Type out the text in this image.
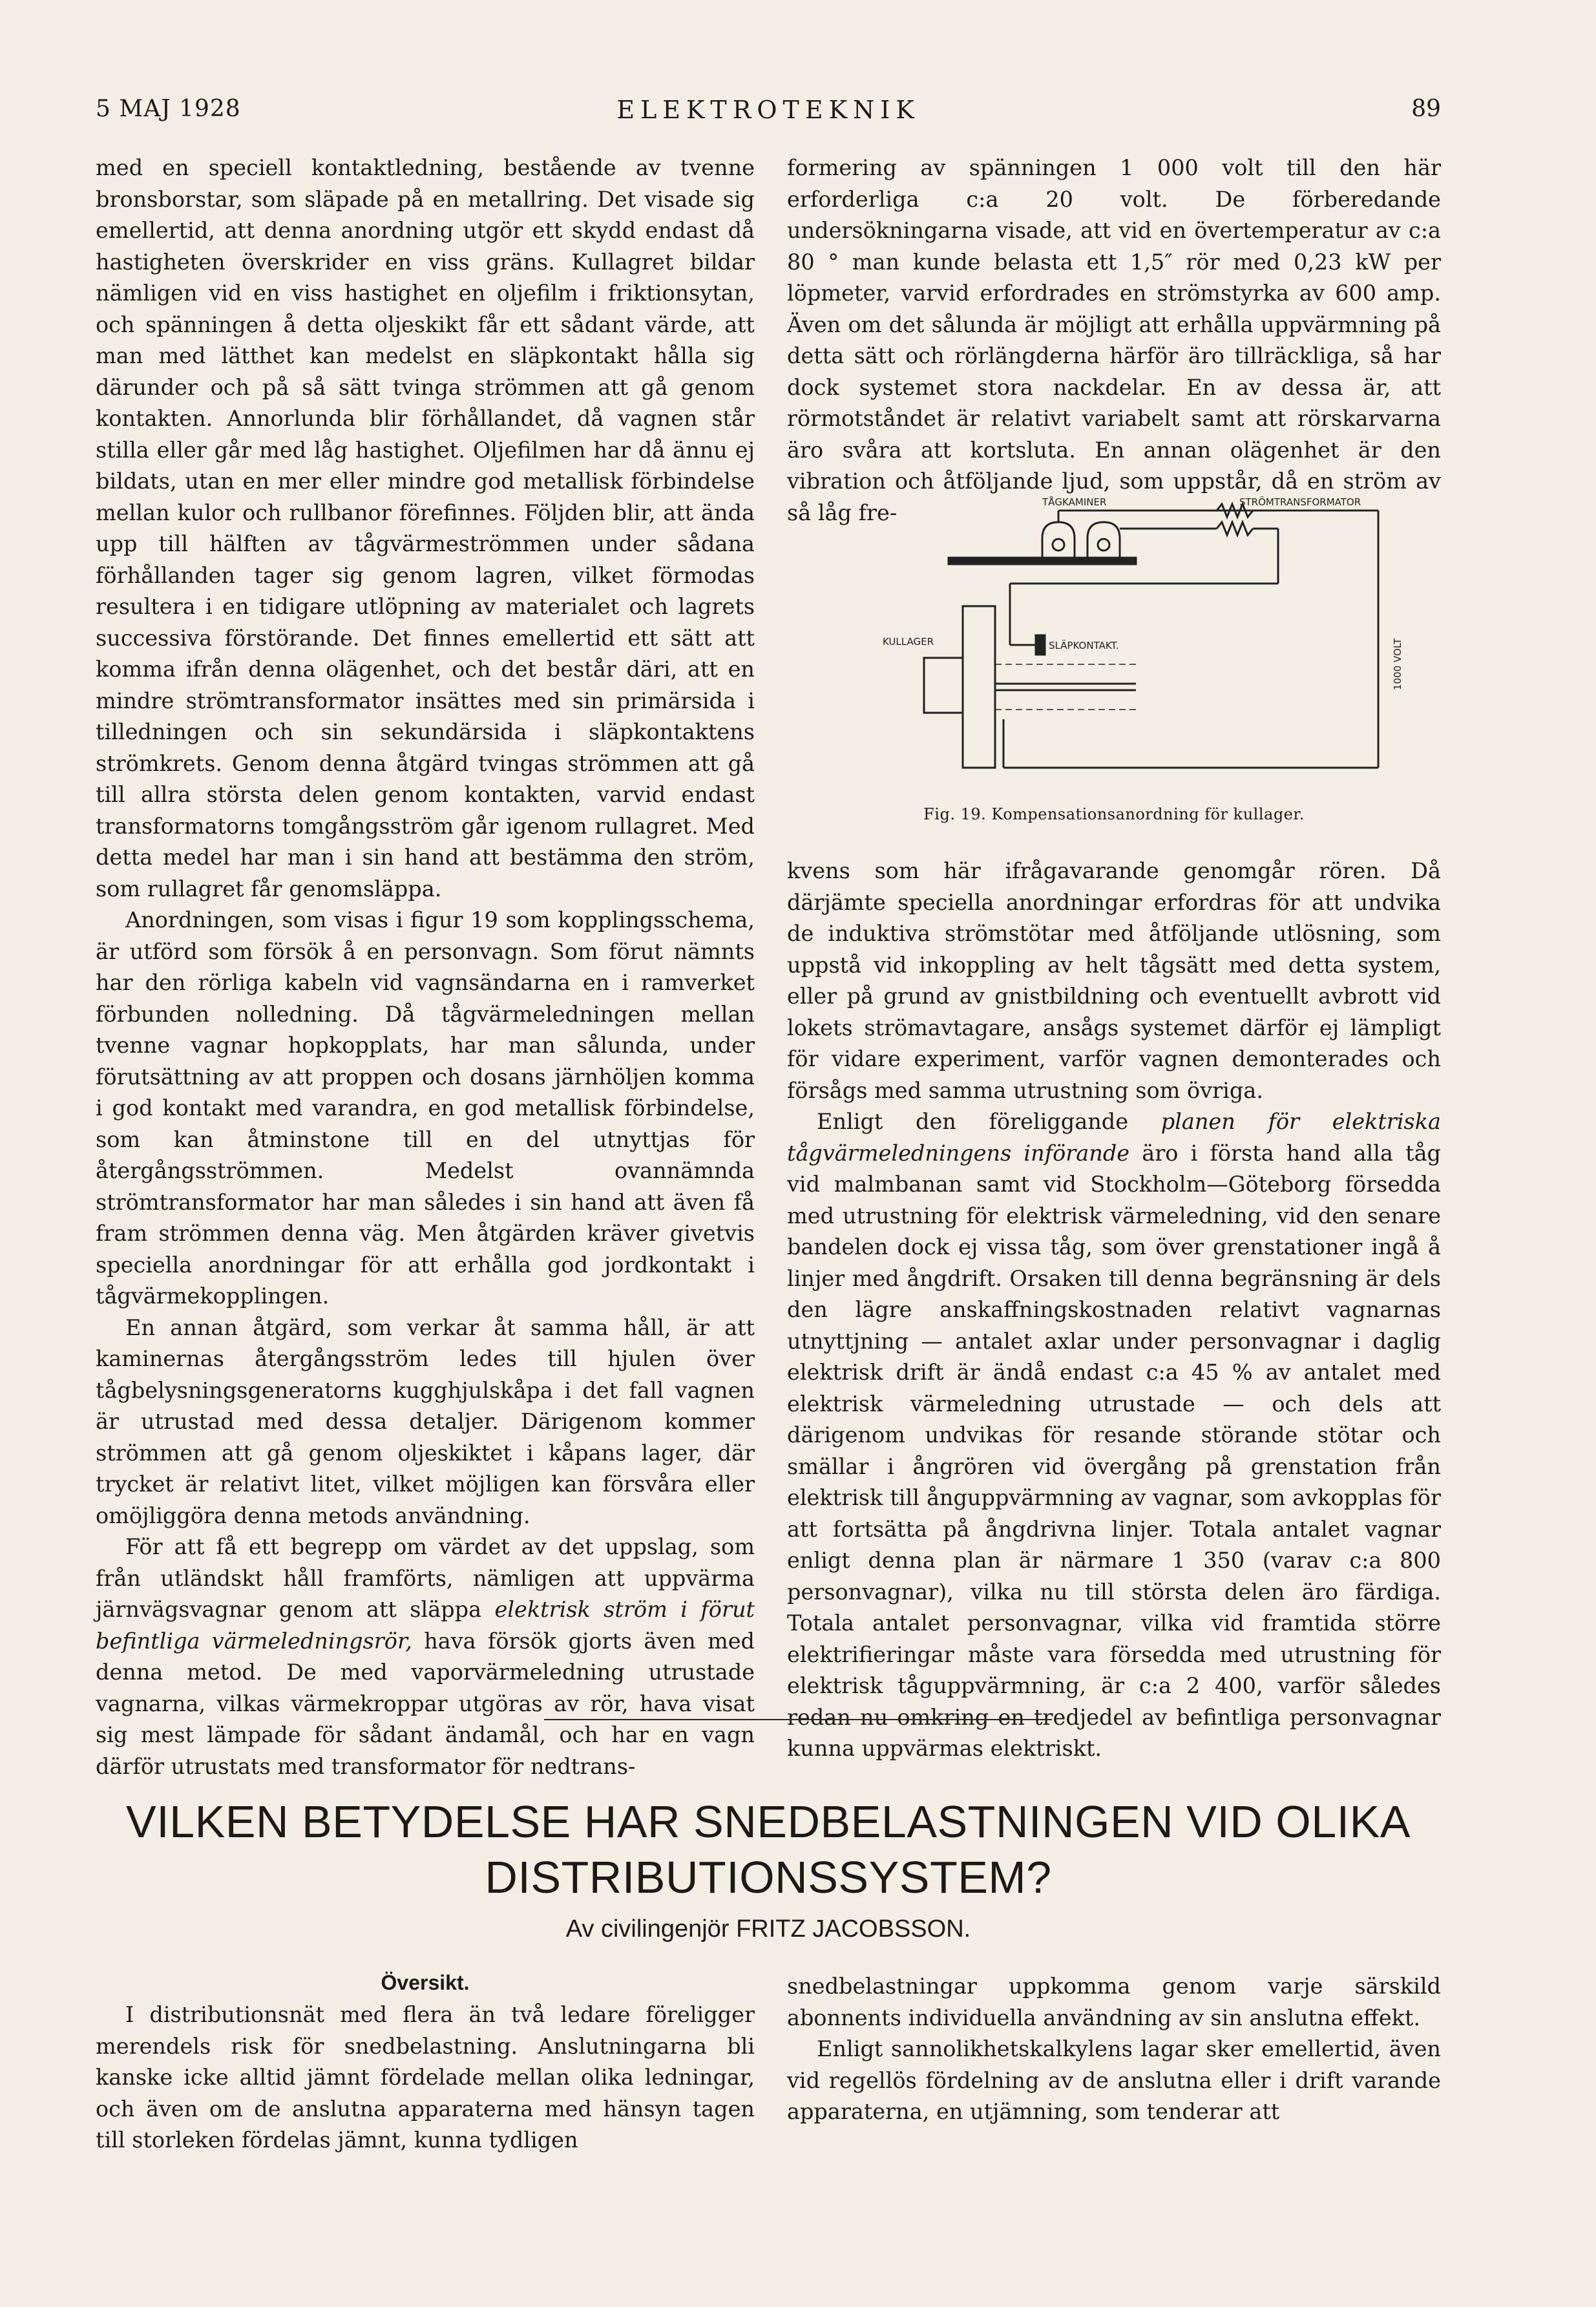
5 MAJ 1928	ELEKTROTEKNIK	89

med en speciell kontaktledning, bestående av tvenne bronsborstar, som släpade på en metallring. Det visade sig emellertid, att denna anordning utgör ett skydd endast då hastigheten överskrider en viss gräns. Kullagret bildar nämligen vid en viss hastighet en oljefilm i friktionsytan, och spänningen å detta oljeskikt får ett sådant värde, att man med lätthet kan medelst en släpkontakt hålla sig därunder och på så sätt tvinga strömmen att gå genom kontakten. Annorlunda blir förhållandet, då vagnen står stilla eller går med låg hastighet. Oljefilmen har då ännu ej bildats, utan en mer eller mindre god metallisk förbindelse mellan kulor och rullbanor förefinnes. Följden blir, att ända upp till hälften av tågvärmeströmmen under sådana förhållanden tager sig genom lagren, vilket förmodas resultera i en tidigare utlöpning av materialet och lagrets successiva förstörande. Det finnes emellertid ett sätt att komma ifrån denna olägenhet, och det består däri, att en mindre strömtransformator insättes med sin primärsida i tilledningen och sin sekundärsida i släpkontaktens strömkrets. Genom denna åtgärd tvingas strömmen att gå till allra största delen genom kontakten, varvid endast transformatorns tomgångsström går igenom rullagret. Med detta medel har man i sin hand att bestämma den ström, som rullagret får genomsläppa.

Anordningen, som visas i figur 19 som kopplingsschema, är utförd som försök å en personvagn. Som förut nämnts har den rörliga kabeln vid vagnsändarna en i ramverket förbunden nolledning. Då tågvärmeledningen mellan tvenne vagnar hopkopplats, har man sålunda, under förutsättning av att proppen och dosans järnhöljen komma i god kontakt med varandra, en god metallisk förbindelse, som kan åtminstone till en del utnyttjas för återgångsströmmen. Medelst ovannämnda strömtransformator har man således i sin hand att även få fram strömmen denna väg. Men åtgärden kräver givetvis speciella anordningar för att erhålla god jordkontakt i tågvärmekopplingen.

En annan åtgärd, som verkar åt samma håll, är att kaminernas återgångsström ledes till hjulen över tågbelysningsgeneratorns kugghjulskåpa i det fall vagnen är utrustad med dessa detaljer. Därigenom kommer strömmen att gå genom oljeskiktet i kåpans lager, där trycket är relativt litet, vilket möjligen kan försvåra eller omöjliggöra denna metods användning.

För att få ett begrepp om värdet av det uppslag, som från utländskt håll framförts, nämligen att uppvärma järnvägsvagnar genom att släppa elektrisk ström i förut befintliga värmeledningsrör, hava försök gjorts även med denna metod. De med vaporvärmeledning utrustade vagnarna, vilkas värmekroppar utgöras av rör, hava visat sig mest lämpade för sådant ändamål, och har en vagn därför utrustats med transformator för nedtrans-

formering av spänningen 1 000 volt till den här erforderliga c:a 20 volt. De förberedande undersökningarna visade, att vid en övertemperatur av c:a 80 ° man kunde belasta ett 1,5″ rör med 0,23 kW per löpmeter, varvid erfordrades en strömstyrka av 600 amp. Även om det sålunda är möjligt att erhålla uppvärmning på detta sätt och rörlängderna härför äro tillräckliga, så har dock systemet stora nackdelar. En av dessa är, att rörmotståndet är relativt variabelt samt att rörskarvarna äro svåra att kortsluta. En annan olägenhet är den vibration och åtföljande ljud, som uppstår, då en ström av så låg fre-	TÅGKAMINER	STRÖMTRANSFORMATOR
KULLAGER	SLÄPKONTAKT.	1000 VOLT
Fig. 19. Kompensationsanordning för kullager.

kvens som här ifrågavarande genomgår rören. Då därjämte speciella anordningar erfordras för att undvika de induktiva strömstötar med åtföljande utlösning, som uppstå vid inkoppling av helt tågsätt med detta system, eller på grund av gnistbildning och eventuellt avbrott vid lokets strömavtagare, ansågs systemet därför ej lämpligt för vidare experiment, varför vagnen demonterades och försågs med samma utrustning som övriga.

Enligt den föreliggande planen för elektriska tågvärmeledningens införande äro i första hand alla tåg vid malmbanan samt vid Stockholm—Göteborg försedda med utrustning för elektrisk värmeledning, vid den senare bandelen dock ej vissa tåg, som över grenstationer ingå å linjer med ångdrift. Orsaken till denna begränsning är dels den lägre anskaffningskostnaden relativt vagnarnas utnyttjning — antalet axlar under personvagnar i daglig elektrisk drift är ändå endast c:a 45 % av antalet med elektrisk värmeledning utrustade — och dels att därigenom undvikas för resande störande stötar och smällar i ångrören vid övergång på grenstation från elektrisk till ånguppvärmning av vagnar, som avkopplas för att fortsätta på ångdrivna linjer. Totala antalet vagnar enligt denna plan är närmare 1 350 (varav c:a 800 personvagnar), vilka nu till största delen äro färdiga. Totala antalet personvagnar, vilka vid framtida större elektrifieringar måste vara försedda med utrustning för elektrisk tåguppvärmning, är c:a 2 400, varför således redan nu omkring en tredjedel av befintliga personvagnar kunna uppvärmas elektriskt.

VILKEN BETYDELSE HAR SNEDBELASTNINGEN VID OLIKA
DISTRIBUTIONSSYSTEM?
Av civilingenjör FRITZ JACOBSSON.
Översikt.

I distributionsnät med flera än två ledare föreligger merendels risk för snedbelastning. Anslutningarna bli kanske icke alltid jämnt fördelade mellan olika ledningar, och även om de anslutna apparaterna med hänsyn tagen till storleken fördelas jämnt, kunna tydligen

snedbelastningar uppkomma genom varje särskild abonnents individuella användning av sin anslutna effekt.

Enligt sannolikhetskalkylens lagar sker emellertid, även vid regellös fördelning av de anslutna eller i drift varande apparaterna, en utjämning, som tenderar att
